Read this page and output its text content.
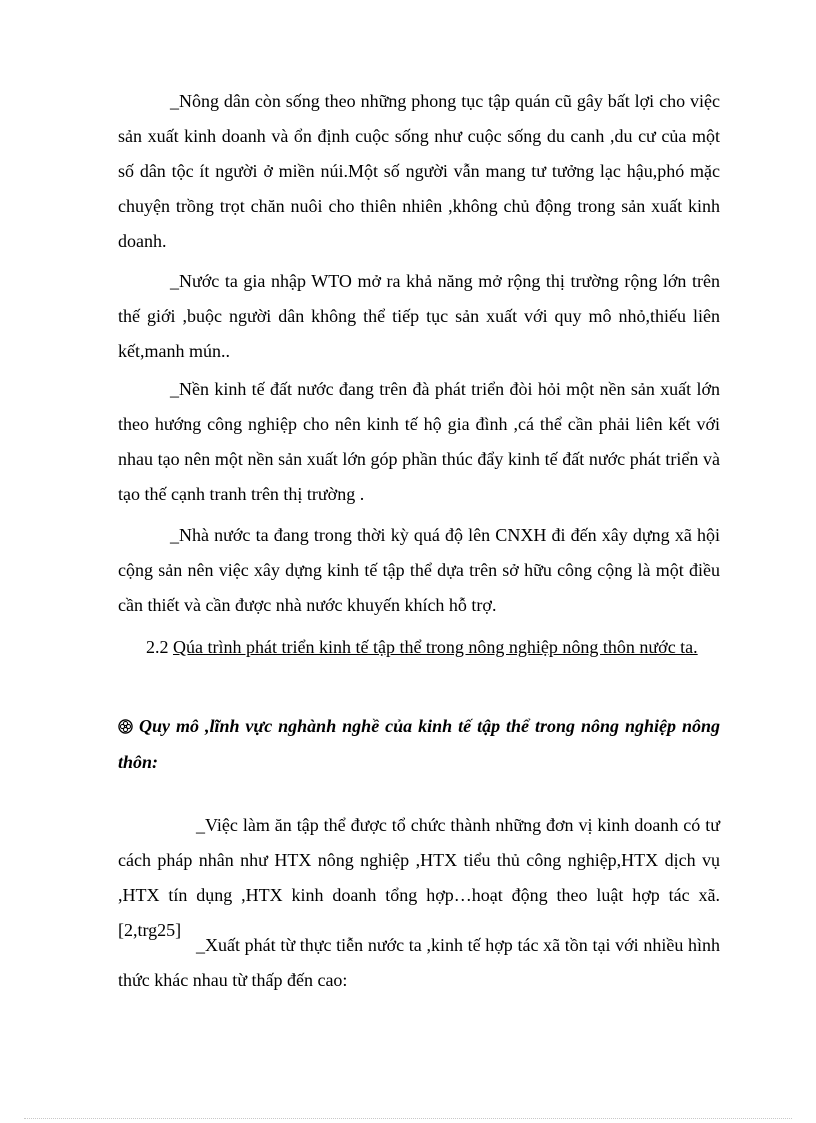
_Nông dân còn sống theo những phong tục tập quán cũ gây bất lợi cho việc sản xuất kinh doanh và ổn định cuộc sống như cuộc sống du canh ,du cư của một số dân tộc ít người ở miền núi.Một số người vẫn mang tư tưởng lạc hậu,phó mặc chuyện trồng trọt chăn nuôi cho thiên nhiên ,không chủ động trong sản xuất kinh doanh.

_Nước ta gia nhập WTO mở ra khả năng mở rộng thị trường rộng lớn trên thế giới ,buộc người dân không thể tiếp tục sản xuất với quy mô nhỏ,thiếu liên kết,manh mún..

_Nền kinh tế đất nước đang trên đà phát triển đòi hỏi một nền sản xuất lớn theo hướng công nghiệp cho nên kinh tế hộ gia đình ,cá thể cần phải liên kết với nhau tạo nên một nền sản xuất lớn góp phần thúc đẩy kinh tế đất nước phát triển và tạo thế cạnh tranh trên thị trường .

_Nhà nước ta đang trong thời kỳ quá độ lên CNXH đi đến xây dựng xã hội cộng sản nên việc xây dựng kinh tế tập thể dựa trên sở hữu công cộng là một điều cần thiết và cần được nhà nước khuyến khích hỗ trợ.

2.2 Qúa trình phát triển kinh tế tập thể trong nông nghiệp nông thôn nước ta.

Quy mô ,lĩnh vực nghành nghề của kinh tế tập thể trong nông nghiệp nông thôn:

_Việc làm ăn tập thể được tổ chức thành những đơn vị kinh doanh có tư cách pháp nhân như HTX nông nghiệp ,HTX tiểu thủ công nghiệp,HTX dịch vụ ,HTX tín dụng ,HTX kinh doanh tổng hợp…hoạt động theo luật hợp tác xã.[2,trg25]

_Xuất phát từ thực tiễn nước ta ,kinh tế hợp tác xã tồn tại với nhiều hình thức khác nhau từ thấp đến cao:
